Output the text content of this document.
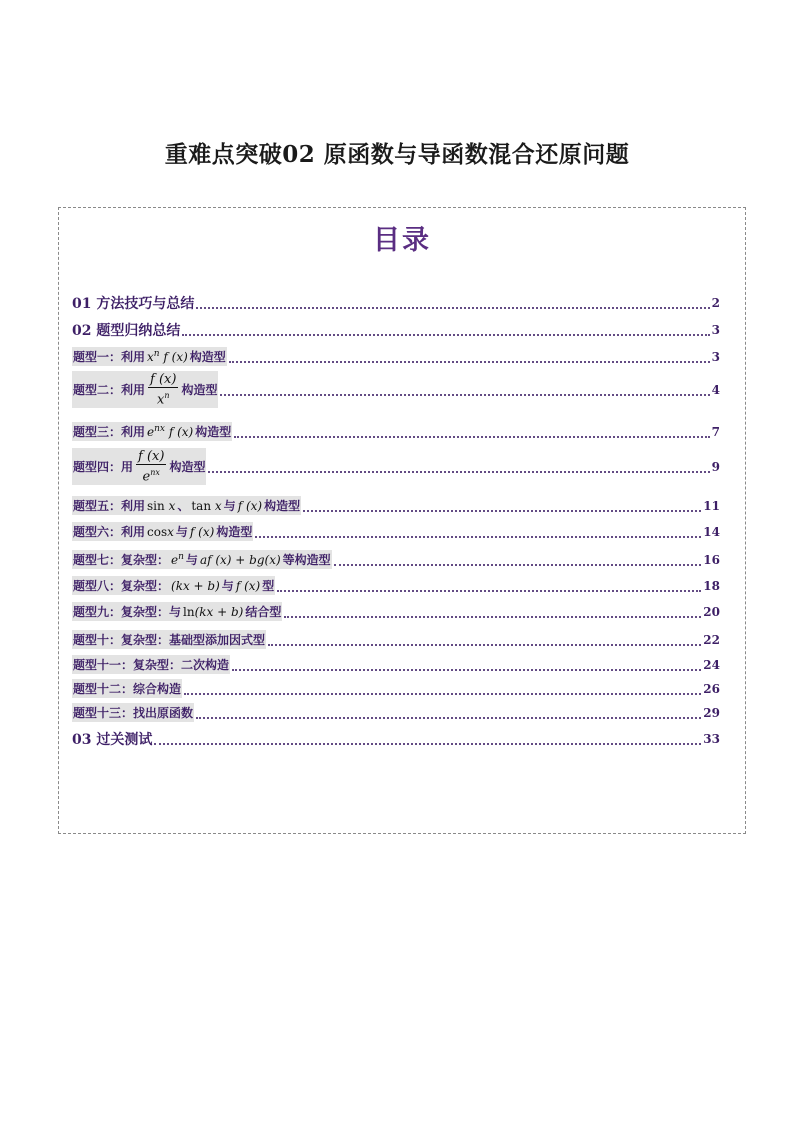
重难点突破02 原函数与导函数混合还原问题
目录
01 方法技巧与总结	2
02 题型归纳总结	3
题型一：利用 $x^n$ f (x) 构造型	3
题型二：利用 $\frac{f (x)}{x^n}$ 构造型	4
题型三：利用 $e^{nx}$ f (x) 构造型	7
题型四：用 $\frac{f (x)}{e^{nx}}$ 构造型	9
题型五：利用 sin x 、 tan x 与 f (x) 构造型	11
题型六：利用 cosx 与 f (x) 构造型	14
题型七：复杂型： $e^n$ 与 af (x) + bg(x) 等构造型	16
题型八：复杂型： (kx + b) 与 f (x) 型	18
题型九：复杂型：与 ln(kx + b) 结合型	20
题型十：复杂型：基础型添加因式型	22
题型十一：复杂型：二次构造	24
题型十二：综合构造	26
题型十三：找出原函数	29
03 过关测试	33
